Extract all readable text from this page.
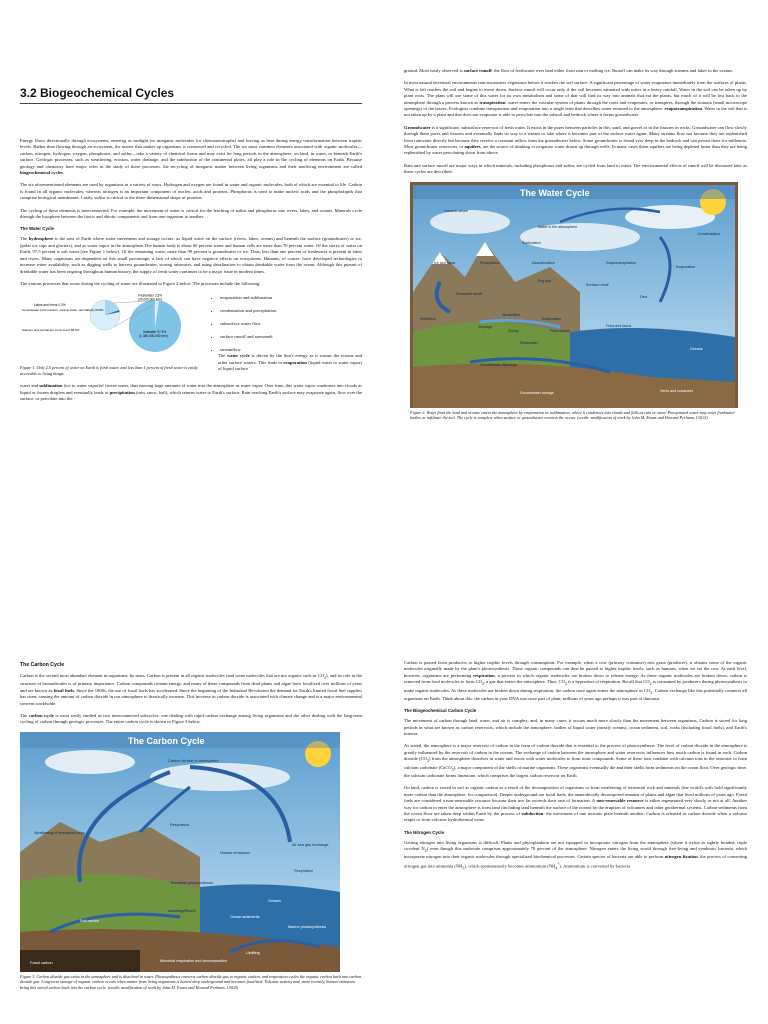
3.2 Biogeochemical Cycles

Energy flows directionally through ecosystems, entering as sunlight (or inorganic molecules for chemoautotrophs) and leaving as heat during energy transformation between trophic levels. Rather than flowing through an ecosystem, the matter that makes up organisms is conserved and recycled. The six most common elements associated with organic molecules—carbon, nitrogen, hydrogen, oxygen, phosphorus, and sulfur—take a variety of chemical forms and may exist for long periods in the atmosphere, on land, in water, or beneath Earth's surface. Geologic processes, such as weathering, erosion, water drainage, and the subduction of the continental plates, all play a role in the cycling of elements on Earth. Because geology and chemistry have major roles in the study of these processes, the recycling of inorganic matter between living organisms and their nonliving environment are called biogeochemical cycles.

The six aforementioned elements are used by organisms in a variety of ways. Hydrogen and oxygen are found in water and organic molecules, both of which are essential to life. Carbon is found in all organic molecules, whereas nitrogen is an important component of nucleic acids and proteins. Phosphorus is used to make nucleic acids and the phospholipids that comprise biological membranes. Lastly, sulfur is critical to the three-dimensional shape of proteins.

The cycling of these elements is interconnected. For example, the movement of water is critical for the leaching of sulfur and phosphorus into rivers, lakes, and oceans. Minerals cycle through the biosphere between the biotic and abiotic components and from one organism to another.

The Water Cycle

The hydrosphere is the area of Earth where water movement and storage occurs: as liquid water on the surface (rivers, lakes, oceans) and beneath the surface (groundwater) or ice, (polar ice caps and glaciers), and as water vapor in the atmosphere.The human body is about 60 percent water and human cells are more than 70 percent water. Of the stores of water on Earth, 97.5 percent is salt water (see Figure 1 below). Of the remaining water, more than 99 percent is groundwater or ice. Thus, less than one percent of freshwater is present in lakes and rivers. Many organisms are dependent on this small percentage, a lack of which can have negative effects on ecosystems. Humans, of course, have developed technologies to increase water availability, such as digging wells to harvest groundwater, storing rainwater, and using desalination to obtain drinkable water from the ocean. Although this pursuit of drinkable water has been ongoing throughout human history, the supply of fresh water continues to be a major issue in modern times.

The various processes that occur during the cycling of water are illustrated in Figure 2 below. The processes include the following:

Freshwater 2.5%
(35,000,000 km³)
Lakes and rivers 0.3%
Groundwater (soil moisture, swamp water, permafrost) 30.8%
Glaciers and permanent snow cover 68.9%	Saltwater 97.5%
(1,365,000,000 km³)
• evaporation and sublimation
• condensation and precipitation
• subsurface water flow
• surface runoff and snowmelt
• streamflow
Figure 1. Only 2.5 percent of water on Earth is fresh water, and less than 1 percent of fresh water is easily accessible to living things.

The water cycle is driven by the Sun's energy as it warms the oceans and other surface waters. This leads to evaporation (liquid water to water vapor) of liquid surface

water and sublimation (ice to water vapor)of frozen water, thus moving large amounts of water into the atmosphere as water vapor. Over time, this water vapor condenses into clouds as liquid or frozen droplets and eventually leads to precipitation (rain, snow, hail), which returns water to Earth's surface. Rain reaching Earth's surface may evaporate again, flow over the surface, or percolate into the

ground. Most easily observed is surface runoff: the flow of freshwater over land either from rain or melting ice. Runoff can make its way through streams and lakes to the oceans.

In most natural terrestrial environments rain encounters vegetation before it reaches the soil surface. A significant percentage of water evaporates immediately from the surfaces of plants. What is left reaches the soil and begins to move down. Surface runoff will occur only if the soil becomes saturated with water in a heavy rainfall. Water in the soil can be taken up by plant roots. The plant will use some of this water for its own metabolism and some of that will find its way into animals that eat the plants, but much of it will be lost back to the atmosphere through a process known as transpiration: water enters the vascular system of plants through the roots and evaporates, or transpires, through the stomata (small microscope openings) of the leaves. Ecologists combine transpiration and evaporation into a single term that describes water returned to the atmosphere: evapotranspiration. Water in the soil that is not taken up by a plant and that does not evaporate is able to percolate into the subsoil and bedrock where it forms groundwater.

Groundwater is a significant, subsurface reservoir of fresh water. It exists in the pores between particles in dirt, sand, and gravel or in the fissures in rocks. Groundwater can flow slowly through these pores and fissures and eventually finds its way to a stream or lake where it becomes part of the surface water again. Many streams flow not because they are replenished from rainwater directly but because they receive a constant inflow from the groundwater below. Some groundwater is found very deep in the bedrock and can persist there for millennia. Most groundwater reservoirs, or aquifers, are the source of drinking or irrigation water drawn up through wells. In many cases these aquifers are being depleted faster than they are being replenished by water percolating down from above.

Rain and surface runoff are major ways in which minerals, including phosphorus and sulfur, are cycled from land to water. The environmental effects of runoff will be discussed later as these cycles are described.

The Water Cycle
Volcanic steam
Water in the atmosphere
Condensation
Sublimation
Ice and snow	Precipitation	Desublimation	Evapotranspiration
Evaporation
Fog drip
Surface runoff
Snowmelt runoff
Dew
Infiltration
Streamflow
Seepage
Spring	Plant uptake
Evaporation
Flora and fauna
Freshwater
Oceans
Groundwater discharge
Groundwater storage	Vents and volcanoes
Figure 2. Water from the land and oceans enters the atmosphere by evaporation or sublimation, where it condenses into clouds and falls as rain or snow. Precipitated water may enter freshwater bodies or infiltrate the soil. The cycle is complete when surface or groundwater reenters the ocean. (credit: modification of work by John M. Evans and Howard Perlman, USGS)
The Carbon Cycle

Carbon is the second most abundant element in organisms, by mass. Carbon is present in all organic molecules (and some molecules that are not organic such as $CO_2$), and its role in the structure of biomolecules is of primary importance. Carbon compounds contain energy, and many of these compounds from dead plants and algae have fossilized over millions of years and are known as fossil fuels. Since the 1800s, the use of fossil fuels has accelerated. Since the beginning of the Industrial Revolution the demand for Earth's limited fossil fuel supplies has risen, causing the amount of carbon dioxide in our atmosphere to drastically increase. This increase in carbon dioxide is associated with climate change and is a major environmental concern worldwide.

The carbon cycle is most easily studied as two interconnected subcycles: one dealing with rapid carbon exchange among living organisms and the other dealing with the long-term cycling of carbon through geologic processes. The entire carbon cycle is shown in Figure 3 below.

The Carbon Cycle
Carbon dioxide in atmosphere
Weathering of terrestrial rocks
Respiration
Human emissions
Air sea gas exchange
Terrestrial photosynthesis
Respiration
Oceans
Soil carbon
Leaching/Runoff
Ocean sediments
Marine photosynthesis
Uplifting
Fossil carbon	Microbial respiration and decomposition
Figure 3. Carbon dioxide gas exists in the atmosphere and is dissolved in water. Photosynthesis converts carbon dioxide gas to organic carbon, and respiration cycles the organic carbon back into carbon dioxide gas. Long-term storage of organic carbon occurs when matter from living organisms is buried deep underground and becomes fossilized. Volcanic activity and, more recently, human emissions bring this stored carbon back into the carbon cycle. (credit: modification of work by John M. Evans and Howard Perlman, USGS)

Carbon is passed from producers to higher trophic levels through consumption. For example, when a cow (primary consumer) eats grass (producer), it obtains some of the organic molecules originally made by the plant's photosynthesis. Those organic compounds can then be passed to higher trophic levels, such as humans, when we eat the cow. At each level, however, organisms are performing respiration, a process in which organic molecules are broken down to release energy. As these organic molecules are broken down, carbon is removed from food molecules to form $CO_2$, a gas that enters the atmosphere. Thus, $CO_2$ is a byproduct of respiration. Recall that $CO_2$ is consumed by producers during photosynthesis to make organic molecules. As these molecules are broken down during respiration, the carbon once again enters the atmosphere as $CO_2$. Carbon exchange like this potentially connects all organisms on Earth. Think about this: the carbon in your DNA was once part of plant; millions of years ago perhaps it was part of dinosaur.

The Biogeochemical Carbon Cycle

The movement of carbon through land, water, and air is complex, and, in many cases, it occurs much more slowly than the movement between organisms. Carbon is stored for long periods in what are known as carbon reservoirs, which include the atmosphere, bodies of liquid water (mostly oceans), ocean sediment, soil, rocks (including fossil fuels), and Earth's interior.

As stated, the atmosphere is a major reservoir of carbon in the form of carbon dioxide that is essential to the process of photosynthesis. The level of carbon dioxide in the atmosphere is greatly influenced by the reservoir of carbon in the oceans. The exchange of carbon between the atmosphere and water reservoirs influences how much carbon is found in each. Carbon dioxide $(CO_2)$ from the atmosphere dissolves in water and reacts with water molecules to form ionic compounds. Some of these ions combine with calcium ions in the seawater to form calcium carbonate (CaCO$_3$), a major component of the shells of marine organisms. These organisms eventually die and their shells form sediments on the ocean floor. Over geologic time, the calcium carbonate forms limestone, which comprises the largest carbon reservoir on Earth.

On land, carbon is stored in soil as organic carbon as a result of the decomposition of organisms or from weathering of terrestrial rock and minerals (the world's soils hold significantly more carbon than the atmosphere, for comparison). Deeper underground are fossil fuels, the anaerobically decomposed remains of plants and algae that lived millions of years ago. Fossil fuels are considered a non-renewable resource because their use far exceeds their rate of formation. A non-renewable resource is either regenerated very slowly or not at all. Another way for carbon to enter the atmosphere is from land (including land beneath the surface of the ocean) by the eruption of volcanoes and other geothermal systems. Carbon sediments from the ocean floor are taken deep within Earth by the process of subduction: the movement of one tectonic plate beneath another. Carbon is released as carbon dioxide when a volcano erupts or from volcanic hydrothermal vents.

The Nitrogen Cycle

Getting nitrogen into living organisms is difficult. Plants and phytoplankton are not equipped to incorporate nitrogen from the atmosphere (where it exists as tightly bonded, triple covalent $N_2$) even though this molecule comprises approximately 78 percent of the atmosphere. Nitrogen enters the living world through free-living and symbiotic bacteria, which incorporate nitrogen into their organic molecules through specialized biochemical processes. Certain species of bacteria are able to perform nitrogen fixation, the process of converting nitrogen gas into ammonia $(NH_3)$, which spontaneously becomes ammonium $(NH_4^+)$. Ammonium is converted by bacteria
